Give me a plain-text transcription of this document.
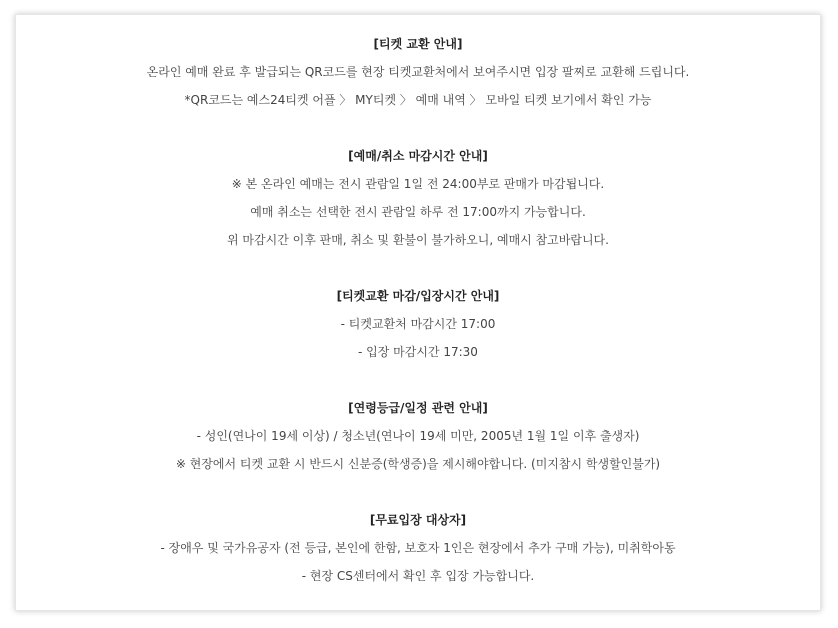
[티켓 교환 안내]
온라인 예매 완료 후 발급되는 QR코드를 현장 티켓교환처에서 보여주시면 입장 팔찌로 교환해 드립니다.
*QR코드는 예스24티켓 어플 〉 MY티켓 〉 예매 내역 〉 모바일 티켓 보기에서 확인 가능
[예매/취소 마감시간 안내]
※ 본 온라인 예매는 전시 관람일 1일 전 24:00부로 판매가 마감됩니다.
예매 취소는 선택한 전시 관람일 하루 전 17:00까지 가능합니다.
위 마감시간 이후 판매, 취소 및 환불이 불가하오니, 예매시 참고바랍니다.
[티켓교환 마감/입장시간 안내]
- 티켓교환처 마감시간 17:00
- 입장 마감시간 17:30
[연령등급/일정 관련 안내]
- 성인(연나이 19세 이상) / 청소년(연나이 19세 미만, 2005년 1월 1일 이후 출생자)
※ 현장에서 티켓 교환 시 반드시 신분증(학생증)을 제시해야합니다. (미지참시 학생할인불가)
[무료입장 대상자]
- 장애우 및 국가유공자 (전 등급, 본인에 한함, 보호자 1인은 현장에서 추가 구매 가능), 미취학아동
- 현장 CS센터에서 확인 후 입장 가능합니다.
